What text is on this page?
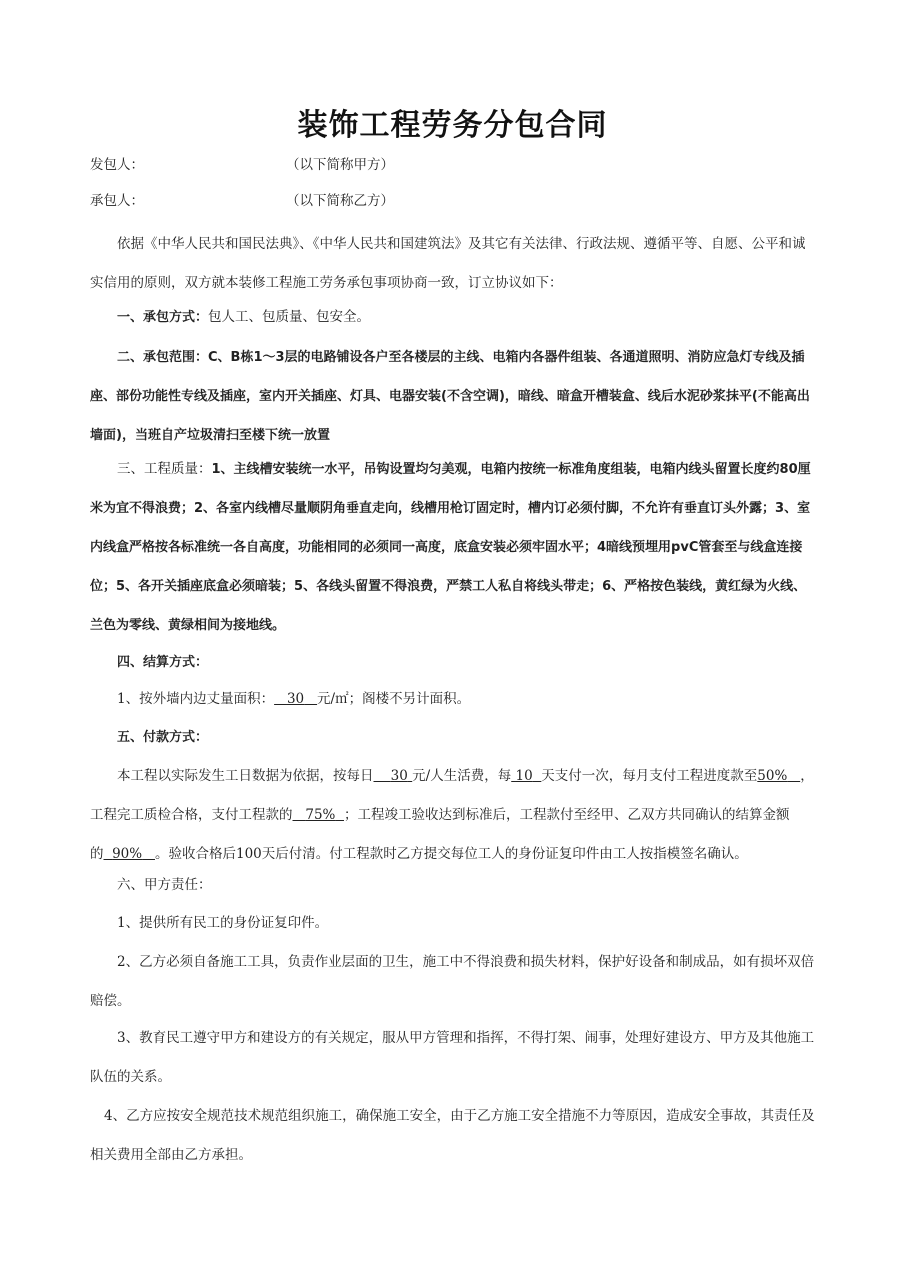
装饰工程劳务分包合同
发包人：	（以下简称甲方）
承包人：	（以下简称乙方）
依据《中华人民共和国民法典》、《中华人民共和国建筑法》及其它有关法律、行政法规、遵循平等、自愿、公平和诚实信用的原则，双方就本装修工程施工劳务承包事项协商一致，订立协议如下：
一、承包方式：包人工、包质量、包安全。
二、承包范围：C、B栋1～3层的电路铺设各户至各楼层的主线、电箱内各器件组装、各通道照明、消防应急灯专线及插座、部份功能性专线及插座，室内开关插座、灯具、电器安装(不含空调)，暗线、暗盒开槽装盒、线后水泥砂浆抹平(不能高出墙面)，当班自产垃圾清扫至楼下统一放置
三、工程质量：1、主线槽安装统一水平，吊钩设置均匀美观，电箱内按统一标准角度组装，电箱内线头留置长度约80厘米为宜不得浪费；2、各室内线槽尽量顺阴角垂直走向，线槽用枪订固定时，槽内订必须付脚，不允许有垂直订头外露；3、室内线盒严格按各标准统一各自高度，功能相同的必须同一高度，底盒安装必须牢固水平；4暗线预埋用pvC管套至与线盒连接位；5、各开关插座底盒必须暗装；5、各线头留置不得浪费，严禁工人私自将线头带走；6、严格按色装线，黄红绿为火线、兰色为零线、黄绿相间为接地线。
四、结算方式：
1、按外墙内边丈量面积： 30 元/㎡；阁楼不另计面积。
五、付款方式：
本工程以实际发生工日数据为依据，按每日 30 元/人生活费，每 10 天支付一次，每月支付工程进度款至50% ，工程完工质检合格，支付工程款的 75% ；工程竣工验收达到标准后，工程款付至经甲、乙双方共同确认的结算金额的 90% 。验收合格后100天后付清。付工程款时乙方提交每位工人的身份证复印件由工人按指模签名确认。
六、甲方责任：
1、提供所有民工的身份证复印件。
2、乙方必须自备施工工具，负责作业层面的卫生，施工中不得浪费和损失材料，保护好设备和制成品，如有损坏双倍赔偿。
3、教育民工遵守甲方和建设方的有关规定，服从甲方管理和指挥，不得打架、闹事，处理好建设方、甲方及其他施工队伍的关系。
4、乙方应按安全规范技术规范组织施工，确保施工安全，由于乙方施工安全措施不力等原因，造成安全事故，其责任及相关费用全部由乙方承担。
